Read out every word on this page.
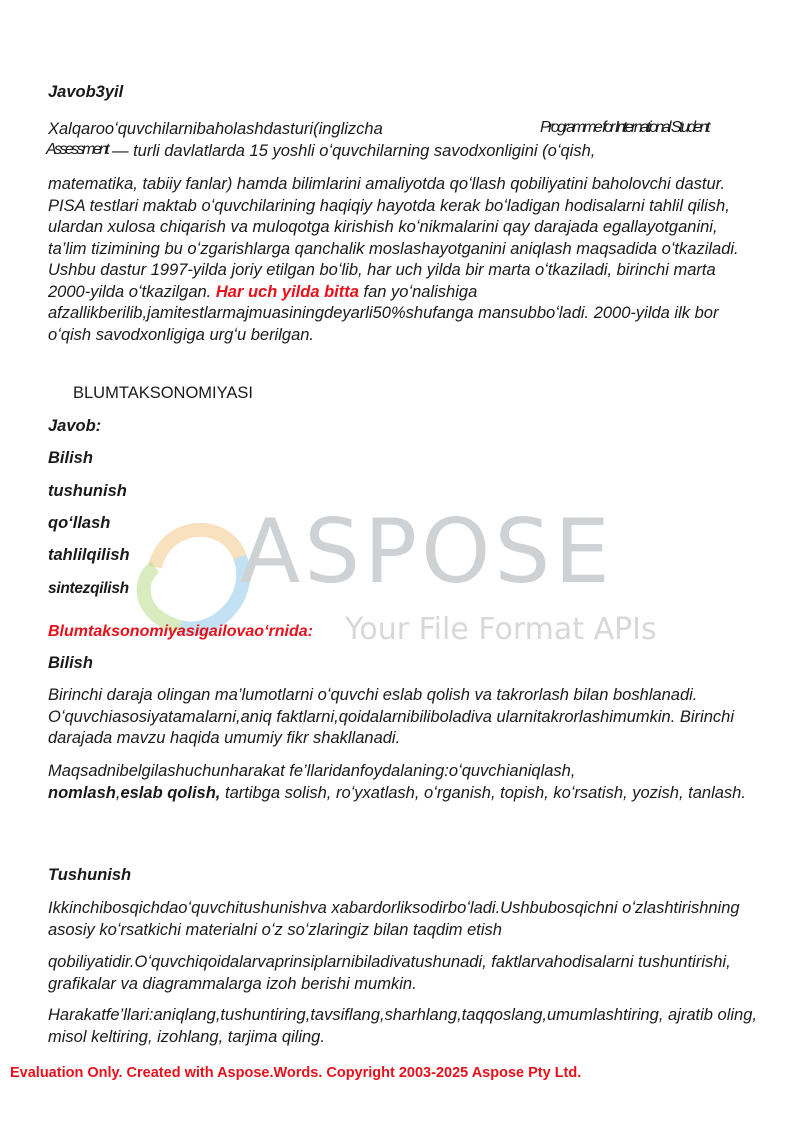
ASPOSE
Your File Format APIs

Javob3yil

Xalqarooʻquvchilarnibaholashdasturi(inglizcha	Programme for International Student
Assessment — turli davlatlarda 15 yoshli oʻquvchilarning savodxonligini (oʻqish,

matematika, tabiiy fanlar) hamda bilimlarini amaliyotda qoʻllash qobiliyatini baholovchi dastur. PISA testlari maktab oʻquvchilarining haqiqiy hayotda kerak boʻladigan hodisalarni tahlil qilish, ulardan xulosa chiqarish va muloqotga kirishish koʻnikmalarini qay darajada egallayotganini, ta’lim tizimining bu oʻzgarishlarga qanchalik moslashayotganini aniqlash maqsadida oʻtkaziladi. Ushbu dastur 1997-yilda joriy etilgan boʻlib, har uch yilda bir marta oʻtkaziladi, birinchi marta 2000-yilda oʻtkazilgan. Har uch yilda bitta fan yoʻnalishiga afzallikberilib,jamitestlarmajmuasiningdeyarli50%shufanga mansubboʻladi. 2000-yilda ilk bor oʻqish savodxonligiga urgʻu berilgan.

BLUMTAKSONOMIYASI

Javob:

Bilish

tushunish

qoʻllash

tahlilqilish

sintezqilish

Blumtaksonomiyasigailovaoʻrnida:

Bilish

Birinchi daraja olingan ma’lumotlarni oʻquvchi eslab qolish va takrorlash bilan boshlanadi. Oʻquvchiasosiyatamalarni,aniq faktlarni,qoidalarnibiliboladiva ularnitakrorlashimumkin. Birinchi darajada mavzu haqida umumiy fikr shakllanadi.

Maqsadnibelgilashuchunharakat fe’llaridanfoydalaning:oʻquvchianiqlash,
nomlash,eslab qolish, tartibga solish, roʻyxatlash, oʻrganish, topish, koʻrsatish, yozish, tanlash.

Tushunish

Ikkinchibosqichdaoʻquvchitushunishva xabardorliksodirboʻladi.Ushbubosqichni oʻzlashtirishning asosiy koʻrsatkichi materialni oʻz soʻzlaringiz bilan taqdim etish

qobiliyatidir.Oʻquvchiqoidalarvaprinsiplarnibiladivatushunadi, faktlarvahodisalarni tushuntirishi, grafikalar va diagrammalarga izoh berishi mumkin.

Harakatfe’llari:aniqlang,tushuntiring,tavsiflang,sharhlang,taqqoslang,umumlashtiring, ajratib oling, misol keltiring, izohlang, tarjima qiling.

Evaluation Only. Created with Aspose.Words. Copyright 2003-2025 Aspose Pty Ltd.
